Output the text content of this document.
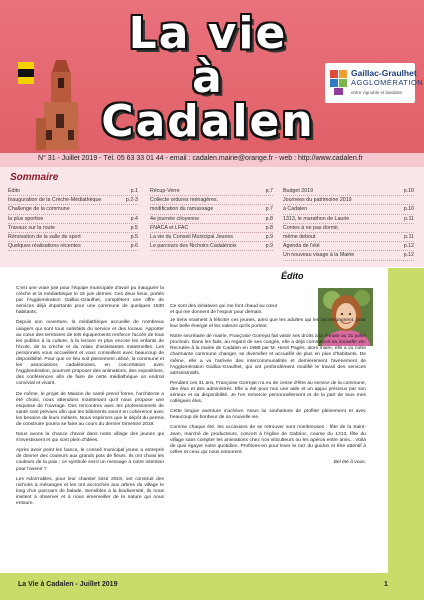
La vie
à
Cadalen
Gaillac-Graulhet
AGGLOMÉRATION
entre vignoble et bastides
N° 31 - Juillet 2019 - Tél. 05 63 33 01 44 - email : cadalen.mairie@orange.fr - web : http://www.cadalen.fr
Sommaire
Édito	p.1
Inauguration de la Crèche-Médiathèque	p.2-3
Challenge de la commune
la plus sportive	p.4
Travaux sur la route	p.5
Rénovation de la salle de sport	p.5
Quelques réalisations récentes	p.6
Récup-Verre	p.7
Collecte ordures ménagères,
modification du ramassage	p.7
4e journée citoyenne	p.8
FNACA et LFAC	p.8
La vie du Conseil Municipal Jeunes	p.9
Le parcours des Nichoirs Cadalénois	p.9
Budget 2019	p.10
Journées du patrimoine 2019
à Cadalen	p.10
1313, le marathon de Laurie	p.11
Contes à ne pas dormir,
même debout	p.11
Agenda de l'été	p.12
Un nouveau visage à la Mairie	p.12
Édito

C'est une vraie joie pour l'équipe municipale d'avoir pu inaugurer la crèche et la médiathèque le 15 juin dernier. Ces deux lieux, portés par l'Agglomération Gaillac-Graulhet, complètent une offre de services déjà importante pour une commune de quelques 1530 habitants.

Depuis son ouverture, la médiathèque accueille de nombreux usagers qui sont tous satisfaits du service et des locaux. Apporter au cœur des territoires de tels équipements renforce l'accès de tous les publics à la culture, à la lecture et plus encore les enfants de l'école, de la crèche et du relais d'assistantes maternelles. Les personnels vous accueillent et vous conseillent avec beaucoup de disponibilité. Pour que ce lieu soit pleinement utilisé, la commune et les associations cadalénoises, en concertation avec l'Agglomération, pourront proposer des animations, des expositions, des conférences afin de faire de cette médiathèque un endroit convivial et vivant.

De même, le projet de Maison de santé prend forme, l'architecte a été choisi, nous attendons maintenant qu'il nous propose une esquisse de l'ouvrage. Des rencontres avec les professionnels de santé sont prévues afin que les bâtiments soient en cohérence avec les besoins de leurs métiers. Nous espérons que le dépôt du permis de construire pourra se faire au cours du dernier trimestre 2019.

Nous avons la chance d'avoir dans notre village des jeunes qui s'investissent et qui sont plein d'idées.

Après avoir peint les bancs, le conseil municipal jeune a entrepris de donner des couleurs aux grands pots de fleurs. Ils ont choisi les couleurs de la paix ; ce symbole est-il un message à notre intention pour l'avenir ?

Les Ados'rables, pour leur chantier loisir 2019, ont construit des nichoirs à mésanges et les ont accrochés aux arbres du village le long d'un parcours de balade. Sensibles à la biodiversité, ils nous invitent à observer et à nous émerveiller de la nature qui nous entoure.

Ce sont des initiatives qui me font chaud au cœur et qui me donnent de l'espoir pour demain.

Je tiens vraiment à féliciter ces jeunes, ainsi que les adultes qui les accompagnent, pour leur belle énergie et les valeurs qu'ils portent.

Notre secrétaire de mairie, Françoise Gorrejat fait valoir ses droits à la retraite au 31 juillet prochain. Dans les faits, au regard de ses congés, elle a déjà commencé sa nouvelle vie. Recrutée à la mairie de Cadalen en 1988 par M. Henri Pagès, alors maire, elle a vu notre charmante commune changer, se diversifier et accueillir de plus en plus d'habitants. De même, elle a vu l'arrivée des intercommunalités et dernièrement l'avènement de l'Agglomération Gaillac-Graulhet, qui ont profondément modifié le travail des services administratifs.

Pendant ces 31 ans, Françoise Gorrejat n'a eu de cesse d'être au service de la commune, des élus et des administrés. Elle a été pour moi une aide et un appui précieux par son sérieux et sa disponibilité. Je l'en remercie personnellement et de la part de tous mes collègues élus.

Cette longue aventure s'achève. Nous lui souhaitons de profiter pleinement et avec beaucoup de bonheur de sa nouvelle vie.

Comme chaque été, les occasions de se retrouver sont nombreuses : fête de la Saint-Jean, marché de producteurs, concert à l'église de Gabrioc, course du 1313, fête du village sans compter les animations chez nos viticulteurs ou les apéros entre amis... Voilà de quoi égayer notre quotidien. Profitons-en pour lever le nez du guidon et être attentif à celles et ceux qui nous entourent.

Bel été à vous.

La Vie à Cadalen - Juillet 2019	1
